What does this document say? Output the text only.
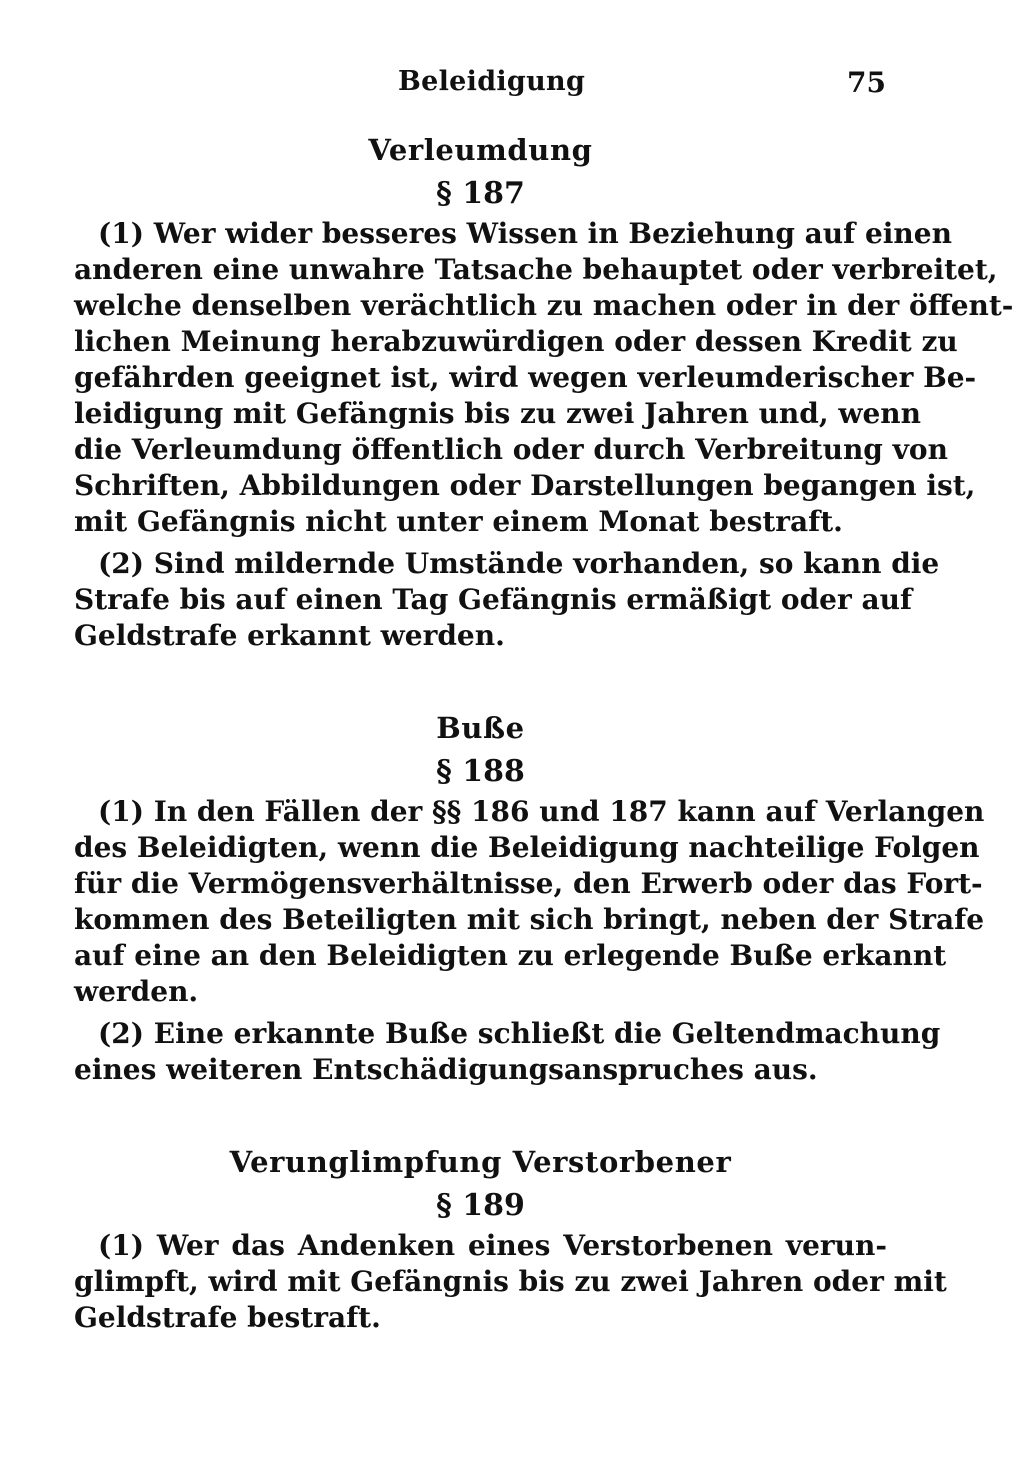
Beleidigung	75
Verleumdung
§ 187
(1) Wer wider besseres Wissen in Beziehung auf einen
anderen eine unwahre Tatsache behauptet oder verbreitet,
welche denselben verächtlich zu machen oder in der öffent-
lichen Meinung herabzuwürdigen oder dessen Kredit zu
gefährden geeignet ist, wird wegen verleumderischer Be-
leidigung mit Gefängnis bis zu zwei Jahren und, wenn
die Verleumdung öffentlich oder durch Verbreitung von
Schriften, Abbildungen oder Darstellungen begangen ist,
mit Gefängnis nicht unter einem Monat bestraft.
(2) Sind mildernde Umstände vorhanden, so kann die
Strafe bis auf einen Tag Gefängnis ermäßigt oder auf
Geldstrafe erkannt werden.
Buße
§ 188
(1) In den Fällen der §§ 186 und 187 kann auf Verlangen
des Beleidigten, wenn die Beleidigung nachteilige Folgen
für die Vermögensverhältnisse, den Erwerb oder das Fort-
kommen des Beteiligten mit sich bringt, neben der Strafe
auf eine an den Beleidigten zu erlegende Buße erkannt
werden.
(2) Eine erkannte Buße schließt die Geltendmachung
eines weiteren Entschädigungsanspruches aus.
Verunglimpfung Verstorbener
§ 189
(1) Wer das Andenken eines Verstorbenen verun-
glimpft, wird mit Gefängnis bis zu zwei Jahren oder mit
Geldstrafe bestraft.
